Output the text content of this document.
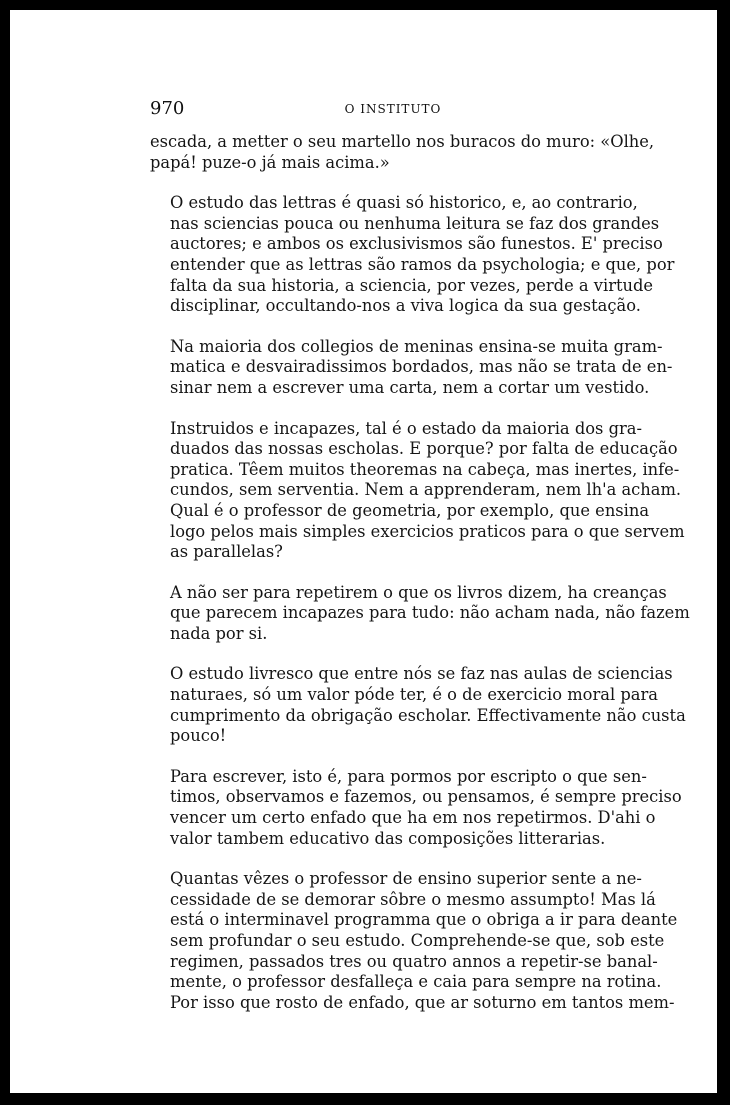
970	O INSTITUTO

escada, a metter o seu martello nos buracos do muro: «Olhe,
papá! puze-o já mais acima.»

O estudo das lettras é quasi só historico, e, ao contrario,
nas sciencias pouca ou nenhuma leitura se faz dos grandes
auctores; e ambos os exclusivismos são funestos. E' preciso
entender que as lettras são ramos da psychologia; e que, por
falta da sua historia, a sciencia, por vezes, perde a virtude
disciplinar, occultando-nos a viva logica da sua gestação.

Na maioria dos collegios de meninas ensina-se muita gram-
matica e desvairadissimos bordados, mas não se trata de en-
sinar nem a escrever uma carta, nem a cortar um vestido.

Instruidos e incapazes, tal é o estado da maioria dos gra-
duados das nossas escholas. E porque? por falta de educação
pratica. Têem muitos theoremas na cabeça, mas inertes, infe-
cundos, sem serventia. Nem a apprenderam, nem lh'a acham.
Qual é o professor de geometria, por exemplo, que ensina
logo pelos mais simples exercicios praticos para o que servem
as parallelas?

A não ser para repetirem o que os livros dizem, ha creanças
que parecem incapazes para tudo: não acham nada, não fazem
nada por si.

O estudo livresco que entre nós se faz nas aulas de sciencias
naturaes, só um valor póde ter, é o de exercicio moral para
cumprimento da obrigação escholar. Effectivamente não custa
pouco!

Para escrever, isto é, para pormos por escripto o que sen-
timos, observamos e fazemos, ou pensamos, é sempre preciso
vencer um certo enfado que ha em nos repetirmos. D'ahi o
valor tambem educativo das composições litterarias.

Quantas vêzes o professor de ensino superior sente a ne-
cessidade de se demorar sôbre o mesmo assumpto! Mas lá
está o interminavel programma que o obriga a ir para deante
sem profundar o seu estudo. Comprehende-se que, sob este
regimen, passados tres ou quatro annos a repetir-se banal-
mente, o professor desfalleça e caia para sempre na rotina.
Por isso que rosto de enfado, que ar soturno em tantos mem-
